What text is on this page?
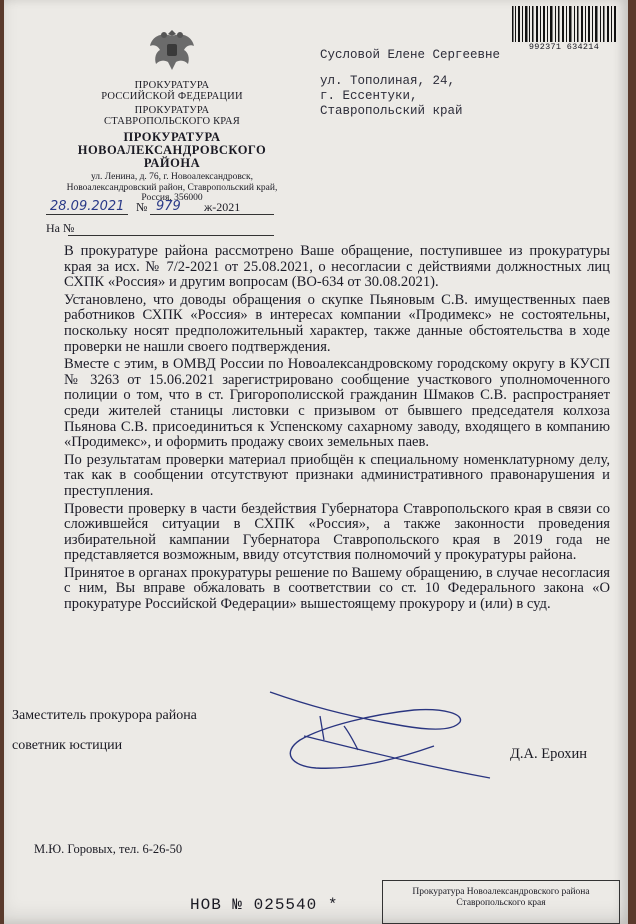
ПРОКУРАТУРА
РОССИЙСКОЙ ФЕДЕРАЦИИ
ПРОКУРАТУРА
СТАВРОПОЛЬСКОГО КРАЯ
ПРОКУРАТУРА
НОВОАЛЕКСАНДРОВСКОГО
РАЙОНА
ул. Ленина, д. 76, г. Новоалександровск,
Новоалександровский район, Ставропольский край,
Россия, 356000
28.09.2021 № 979 ж-2021
На №
992371 634214
Сусловой Елене Сергеевне
ул. Тополиная, 24,
г. Ессентуки,
Ставропольский край

В прокуратуре района рассмотрено Ваше обращение, поступившее из прокуратуры края за исх. № 7/2-2021 от 25.08.2021, о несогласии с действиями должностных лиц СХПК «Россия» и другим вопросам (ВО-634 от 30.08.2021).

Установлено, что доводы обращения о скупке Пьяновым С.В. имущественных паев работников СХПК «Россия» в интересах компании «Продимекс» не состоятельны, поскольку носят предположительный характер, также данные обстоятельства в ходе проверки не нашли своего подтверждения.

Вместе с этим, в ОМВД России по Новоалександровскому городскому округу в КУСП № 3263 от 15.06.2021 зарегистрировано сообщение участкового уполномоченного полиции о том, что в ст. Григорополисской гражданин Шмаков С.В. распространяет среди жителей станицы листовки с призывом от бывшего председателя колхоза Пьянова С.В. присоединиться к Успенскому сахарному заводу, входящего в компанию «Продимекс», и оформить продажу своих земельных паев.

По результатам проверки материал приобщён к специальному номенклатурному делу, так как в сообщении отсутствуют признаки административного правонарушения и преступления.

Провести проверку в части бездействия Губернатора Ставропольского края в связи со сложившейся ситуации в СХПК «Россия», а также законности проведения избирательной кампании Губернатора Ставропольского края в 2019 года не представляется возможным, ввиду отсутствия полномочий у прокуратуры района.

Принятое в органах прокуратуры решение по Вашему обращению, в случае несогласия с ним, Вы вправе обжаловать в соответствии со ст. 10 Федерального закона «О прокуратуре Российской Федерации» вышестоящему прокурору и (или) в суд.

Заместитель прокурора района
советник юстиции
Д.А. Ерохин
М.Ю. Горовых, тел. 6-26-50
НОВ № 025540 *
Прокуратура Новоалександровского района
Ставропольского края
